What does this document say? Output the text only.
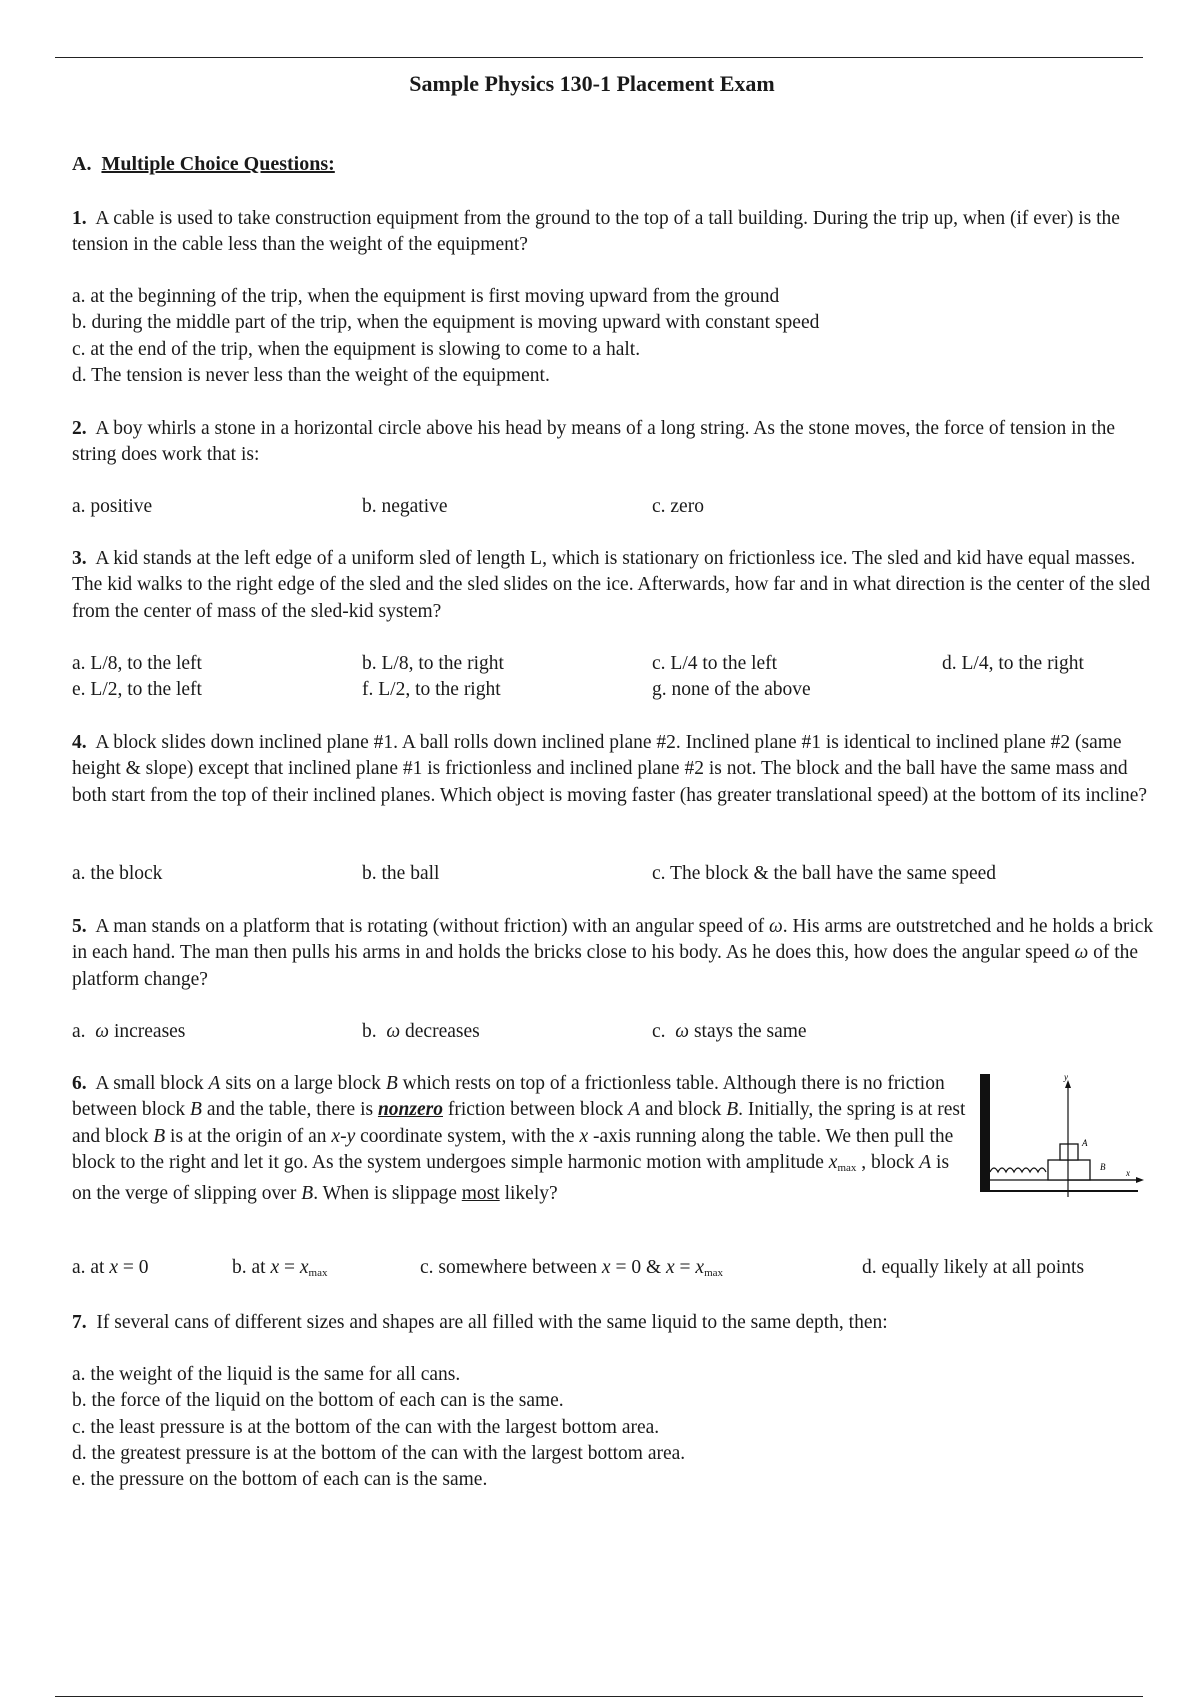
Sample Physics 130-1 Placement Exam
A. Multiple Choice Questions:
1. A cable is used to take construction equipment from the ground to the top of a tall building. During the trip up, when (if ever) is the tension in the cable less than the weight of the equipment?
a. at the beginning of the trip, when the equipment is first moving upward from the ground
b. during the middle part of the trip, when the equipment is moving upward with constant speed
c. at the end of the trip, when the equipment is slowing to come to a halt.
d. The tension is never less than the weight of the equipment.
2. A boy whirls a stone in a horizontal circle above his head by means of a long string. As the stone moves, the force of tension in the string does work that is:
a. positive	b. negative	c. zero
3. A kid stands at the left edge of a uniform sled of length L, which is stationary on frictionless ice. The sled and kid have equal masses. The kid walks to the right edge of the sled and the sled slides on the ice. Afterwards, how far and in what direction is the center of the sled from the center of mass of the sled-kid system?
a. L/8, to the left	b. L/8, to the right	c. L/4 to the left	d. L/4, to the right
e. L/2, to the left	f. L/2, to the right	g. none of the above
4. A block slides down inclined plane #1. A ball rolls down inclined plane #2. Inclined plane #1 is identical to inclined plane #2 (same height & slope) except that inclined plane #1 is frictionless and inclined plane #2 is not. The block and the ball have the same mass and both start from the top of their inclined planes. Which object is moving faster (has greater translational speed) at the bottom of its incline?
a. the block	b. the ball	c. The block & the ball have the same speed
5. A man stands on a platform that is rotating (without friction) with an angular speed of ω. His arms are outstretched and he holds a brick in each hand. The man then pulls his arms in and holds the bricks close to his body. As he does this, how does the angular speed ω of the platform change?
a. ω increases	b. ω decreases	c. ω stays the same
6. A small block A sits on a large block B which rests on top of a frictionless table. Although there is no friction between block B and the table, there is nonzero friction between block A and block B. Initially, the spring is at rest and block B is at the origin of an x-y coordinate system, with the x -axis running along the table. We then pull the block to the right and let it go. As the system undergoes simple harmonic motion with amplitude $x_{max}$ , block A is on the verge of slipping over B. When is slippage most likely?
y
x
A
B
a. at x = 0	b. at $x = x_{max}$	c. somewhere between x = 0 & $x = x_{max}$	d. equally likely at all points
7. If several cans of different sizes and shapes are all filled with the same liquid to the same depth, then:
a. the weight of the liquid is the same for all cans.
b. the force of the liquid on the bottom of each can is the same.
c. the least pressure is at the bottom of the can with the largest bottom area.
d. the greatest pressure is at the bottom of the can with the largest bottom area.
e. the pressure on the bottom of each can is the same.
